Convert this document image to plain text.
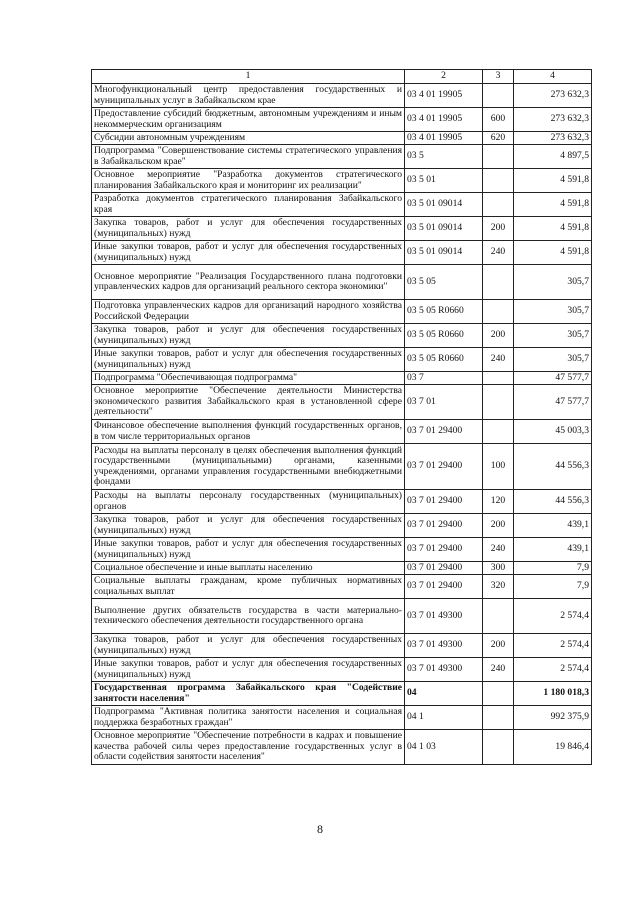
1	2	3	4
Многофункциональный центр предоставления государственных и муниципальных услуг в Забайкальском крае	03 4 01 19905		273 632,3
Предоставление субсидий бюджетным, автономным учреждениям и иным некоммерческим организациям	03 4 01 19905	600	273 632,3
Субсидии автономным учреждениям	03 4 01 19905	620	273 632,3
Подпрограмма "Совершенствование системы стратегического управления в Забайкальском крае"	03 5		4 897,5
Основное мероприятие "Разработка документов стратегического планирования Забайкальского края и мониторинг их реализации"	03 5 01		4 591,8
Разработка документов стратегического планирования Забайкальского края	03 5 01 09014		4 591,8
Закупка товаров, работ и услуг для обеспечения государственных (муниципальных) нужд	03 5 01 09014	200	4 591,8
Иные закупки товаров, работ и услуг для обеспечения государственных (муниципальных) нужд	03 5 01 09014	240	4 591,8
Основное мероприятие "Реализация Государственного плана подготовки управленческих кадров для организаций реального сектора экономики"	03 5 05		305,7
Подготовка управленческих кадров для организаций народного хозяйства Российской Федерации	03 5 05 R0660		305,7
Закупка товаров, работ и услуг для обеспечения государственных (муниципальных) нужд	03 5 05 R0660	200	305,7
Иные закупки товаров, работ и услуг для обеспечения государственных (муниципальных) нужд	03 5 05 R0660	240	305,7
Подпрограмма "Обеспечивающая подпрограмма"	03 7		47 577,7
Основное мероприятие "Обеспечение деятельности Министерства экономического развития Забайкальского края в установленной сфере деятельности"	03 7 01		47 577,7
Финансовое обеспечение выполнения функций государственных органов, в том числе территориальных органов	03 7 01 29400		45 003,3
Расходы на выплаты персоналу в целях обеспечения выполнения функций государственными (муниципальными) органами, казенными учреждениями, органами управления государственными внебюджетными фондами	03 7 01 29400	100	44 556,3
Расходы на выплаты персоналу государственных (муниципальных) органов	03 7 01 29400	120	44 556,3
Закупка товаров, работ и услуг для обеспечения государственных (муниципальных) нужд	03 7 01 29400	200	439,1
Иные закупки товаров, работ и услуг для обеспечения государственных (муниципальных) нужд	03 7 01 29400	240	439,1
Социальное обеспечение и иные выплаты населению	03 7 01 29400	300	7,9
Социальные выплаты гражданам, кроме публичных нормативных социальных выплат	03 7 01 29400	320	7,9
Выполнение других обязательств государства в части материально-технического обеспечения деятельности государственного органа	03 7 01 49300		2 574,4
Закупка товаров, работ и услуг для обеспечения государственных (муниципальных) нужд	03 7 01 49300	200	2 574,4
Иные закупки товаров, работ и услуг для обеспечения государственных (муниципальных) нужд	03 7 01 49300	240	2 574,4
Государственная программа Забайкальского края "Содействие занятости населения"	04		1 180 018,3
Подпрограмма "Активная политика занятости населения и социальная поддержка безработных граждан"	04 1		992 375,9
Основное мероприятие "Обеспечение потребности в кадрах и повышение качества рабочей силы через предоставление государственных услуг в области содействия занятости населения"	04 1 03		19 846,4
8
